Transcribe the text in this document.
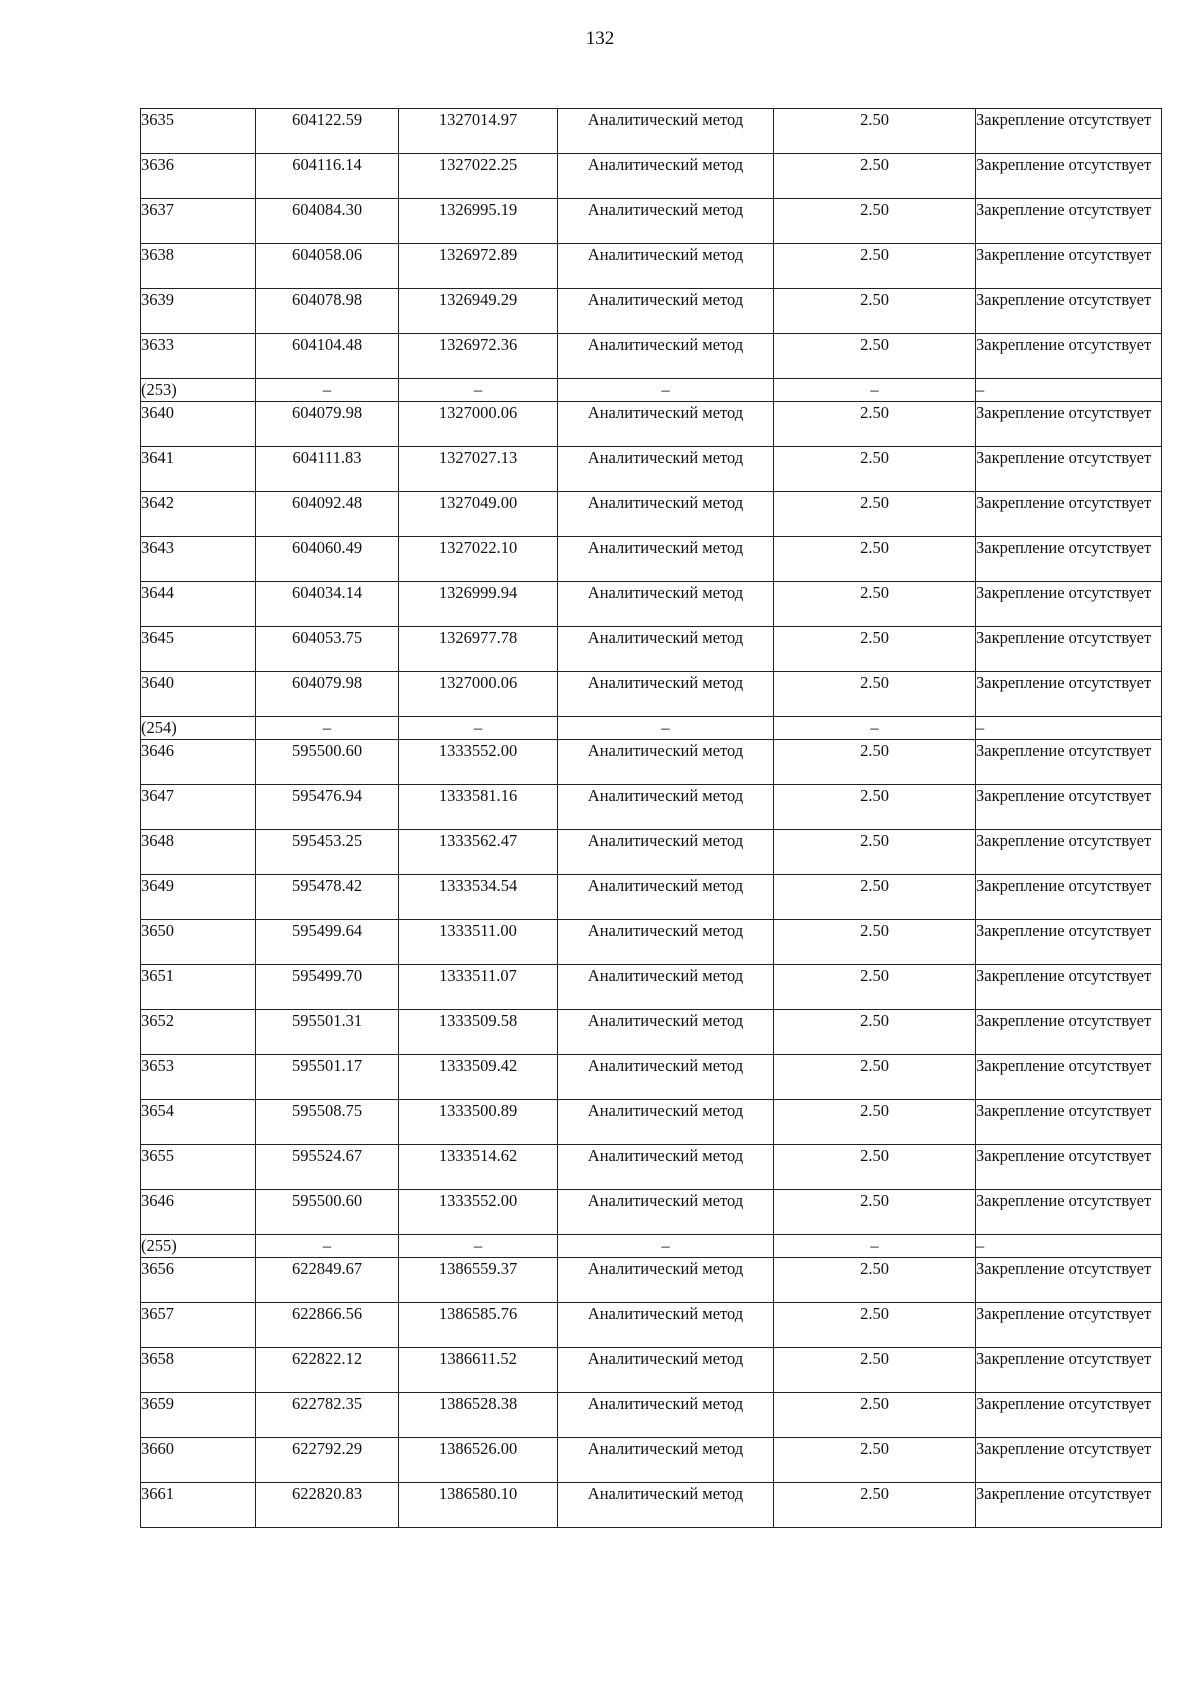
132
3635	604122.59	1327014.97	Аналитический метод	2.50	Закрепление отсутствует
3636	604116.14	1327022.25	Аналитический метод	2.50	Закрепление отсутствует
3637	604084.30	1326995.19	Аналитический метод	2.50	Закрепление отсутствует
3638	604058.06	1326972.89	Аналитический метод	2.50	Закрепление отсутствует
3639	604078.98	1326949.29	Аналитический метод	2.50	Закрепление отсутствует
3633	604104.48	1326972.36	Аналитический метод	2.50	Закрепление отсутствует
(253)	–	–	–	–	–
3640	604079.98	1327000.06	Аналитический метод	2.50	Закрепление отсутствует
3641	604111.83	1327027.13	Аналитический метод	2.50	Закрепление отсутствует
3642	604092.48	1327049.00	Аналитический метод	2.50	Закрепление отсутствует
3643	604060.49	1327022.10	Аналитический метод	2.50	Закрепление отсутствует
3644	604034.14	1326999.94	Аналитический метод	2.50	Закрепление отсутствует
3645	604053.75	1326977.78	Аналитический метод	2.50	Закрепление отсутствует
3640	604079.98	1327000.06	Аналитический метод	2.50	Закрепление отсутствует
(254)	–	–	–	–	–
3646	595500.60	1333552.00	Аналитический метод	2.50	Закрепление отсутствует
3647	595476.94	1333581.16	Аналитический метод	2.50	Закрепление отсутствует
3648	595453.25	1333562.47	Аналитический метод	2.50	Закрепление отсутствует
3649	595478.42	1333534.54	Аналитический метод	2.50	Закрепление отсутствует
3650	595499.64	1333511.00	Аналитический метод	2.50	Закрепление отсутствует
3651	595499.70	1333511.07	Аналитический метод	2.50	Закрепление отсутствует
3652	595501.31	1333509.58	Аналитический метод	2.50	Закрепление отсутствует
3653	595501.17	1333509.42	Аналитический метод	2.50	Закрепление отсутствует
3654	595508.75	1333500.89	Аналитический метод	2.50	Закрепление отсутствует
3655	595524.67	1333514.62	Аналитический метод	2.50	Закрепление отсутствует
3646	595500.60	1333552.00	Аналитический метод	2.50	Закрепление отсутствует
(255)	–	–	–	–	–
3656	622849.67	1386559.37	Аналитический метод	2.50	Закрепление отсутствует
3657	622866.56	1386585.76	Аналитический метод	2.50	Закрепление отсутствует
3658	622822.12	1386611.52	Аналитический метод	2.50	Закрепление отсутствует
3659	622782.35	1386528.38	Аналитический метод	2.50	Закрепление отсутствует
3660	622792.29	1386526.00	Аналитический метод	2.50	Закрепление отсутствует
3661	622820.83	1386580.10	Аналитический метод	2.50	Закрепление отсутствует
